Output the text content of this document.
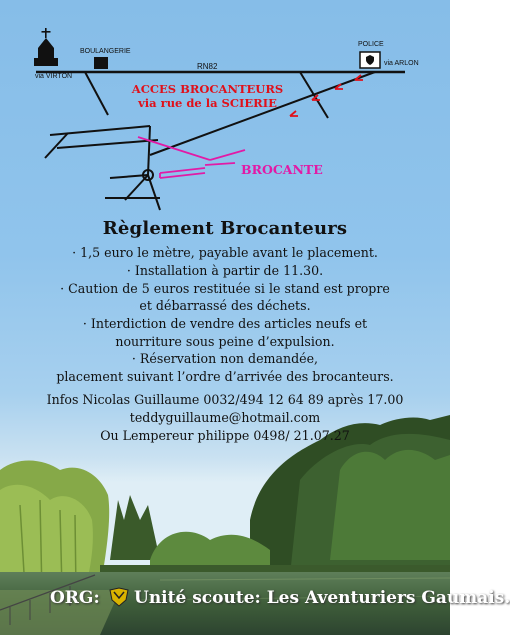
via VIRTON
BOULANGERIE
RN82
POLICE
via ARLON
ACCES BROCANTEURS
via rue de la SCIERIE
BROCANTE
Règlement Brocanteurs
· 1,5 euro le mètre, payable avant le placement.
· Installation à partir de 11.30.
· Caution de 5 euros restituée si le stand est propre
et débarrassé des déchets.
· Interdiction de vendre des articles neufs et
nourriture sous peine d’expulsion.
· Réservation non demandée,
placement suivant l’ordre d’arrivée des brocanteurs.
Infos Nicolas Guillaume 0032/494 12 64 89 après 17.00
teddyguillaume@hotmail.com
Ou Lempereur philippe 0498/ 21.07.27
ORG: Unité scoute: Les Aventuriers Gaumais.
